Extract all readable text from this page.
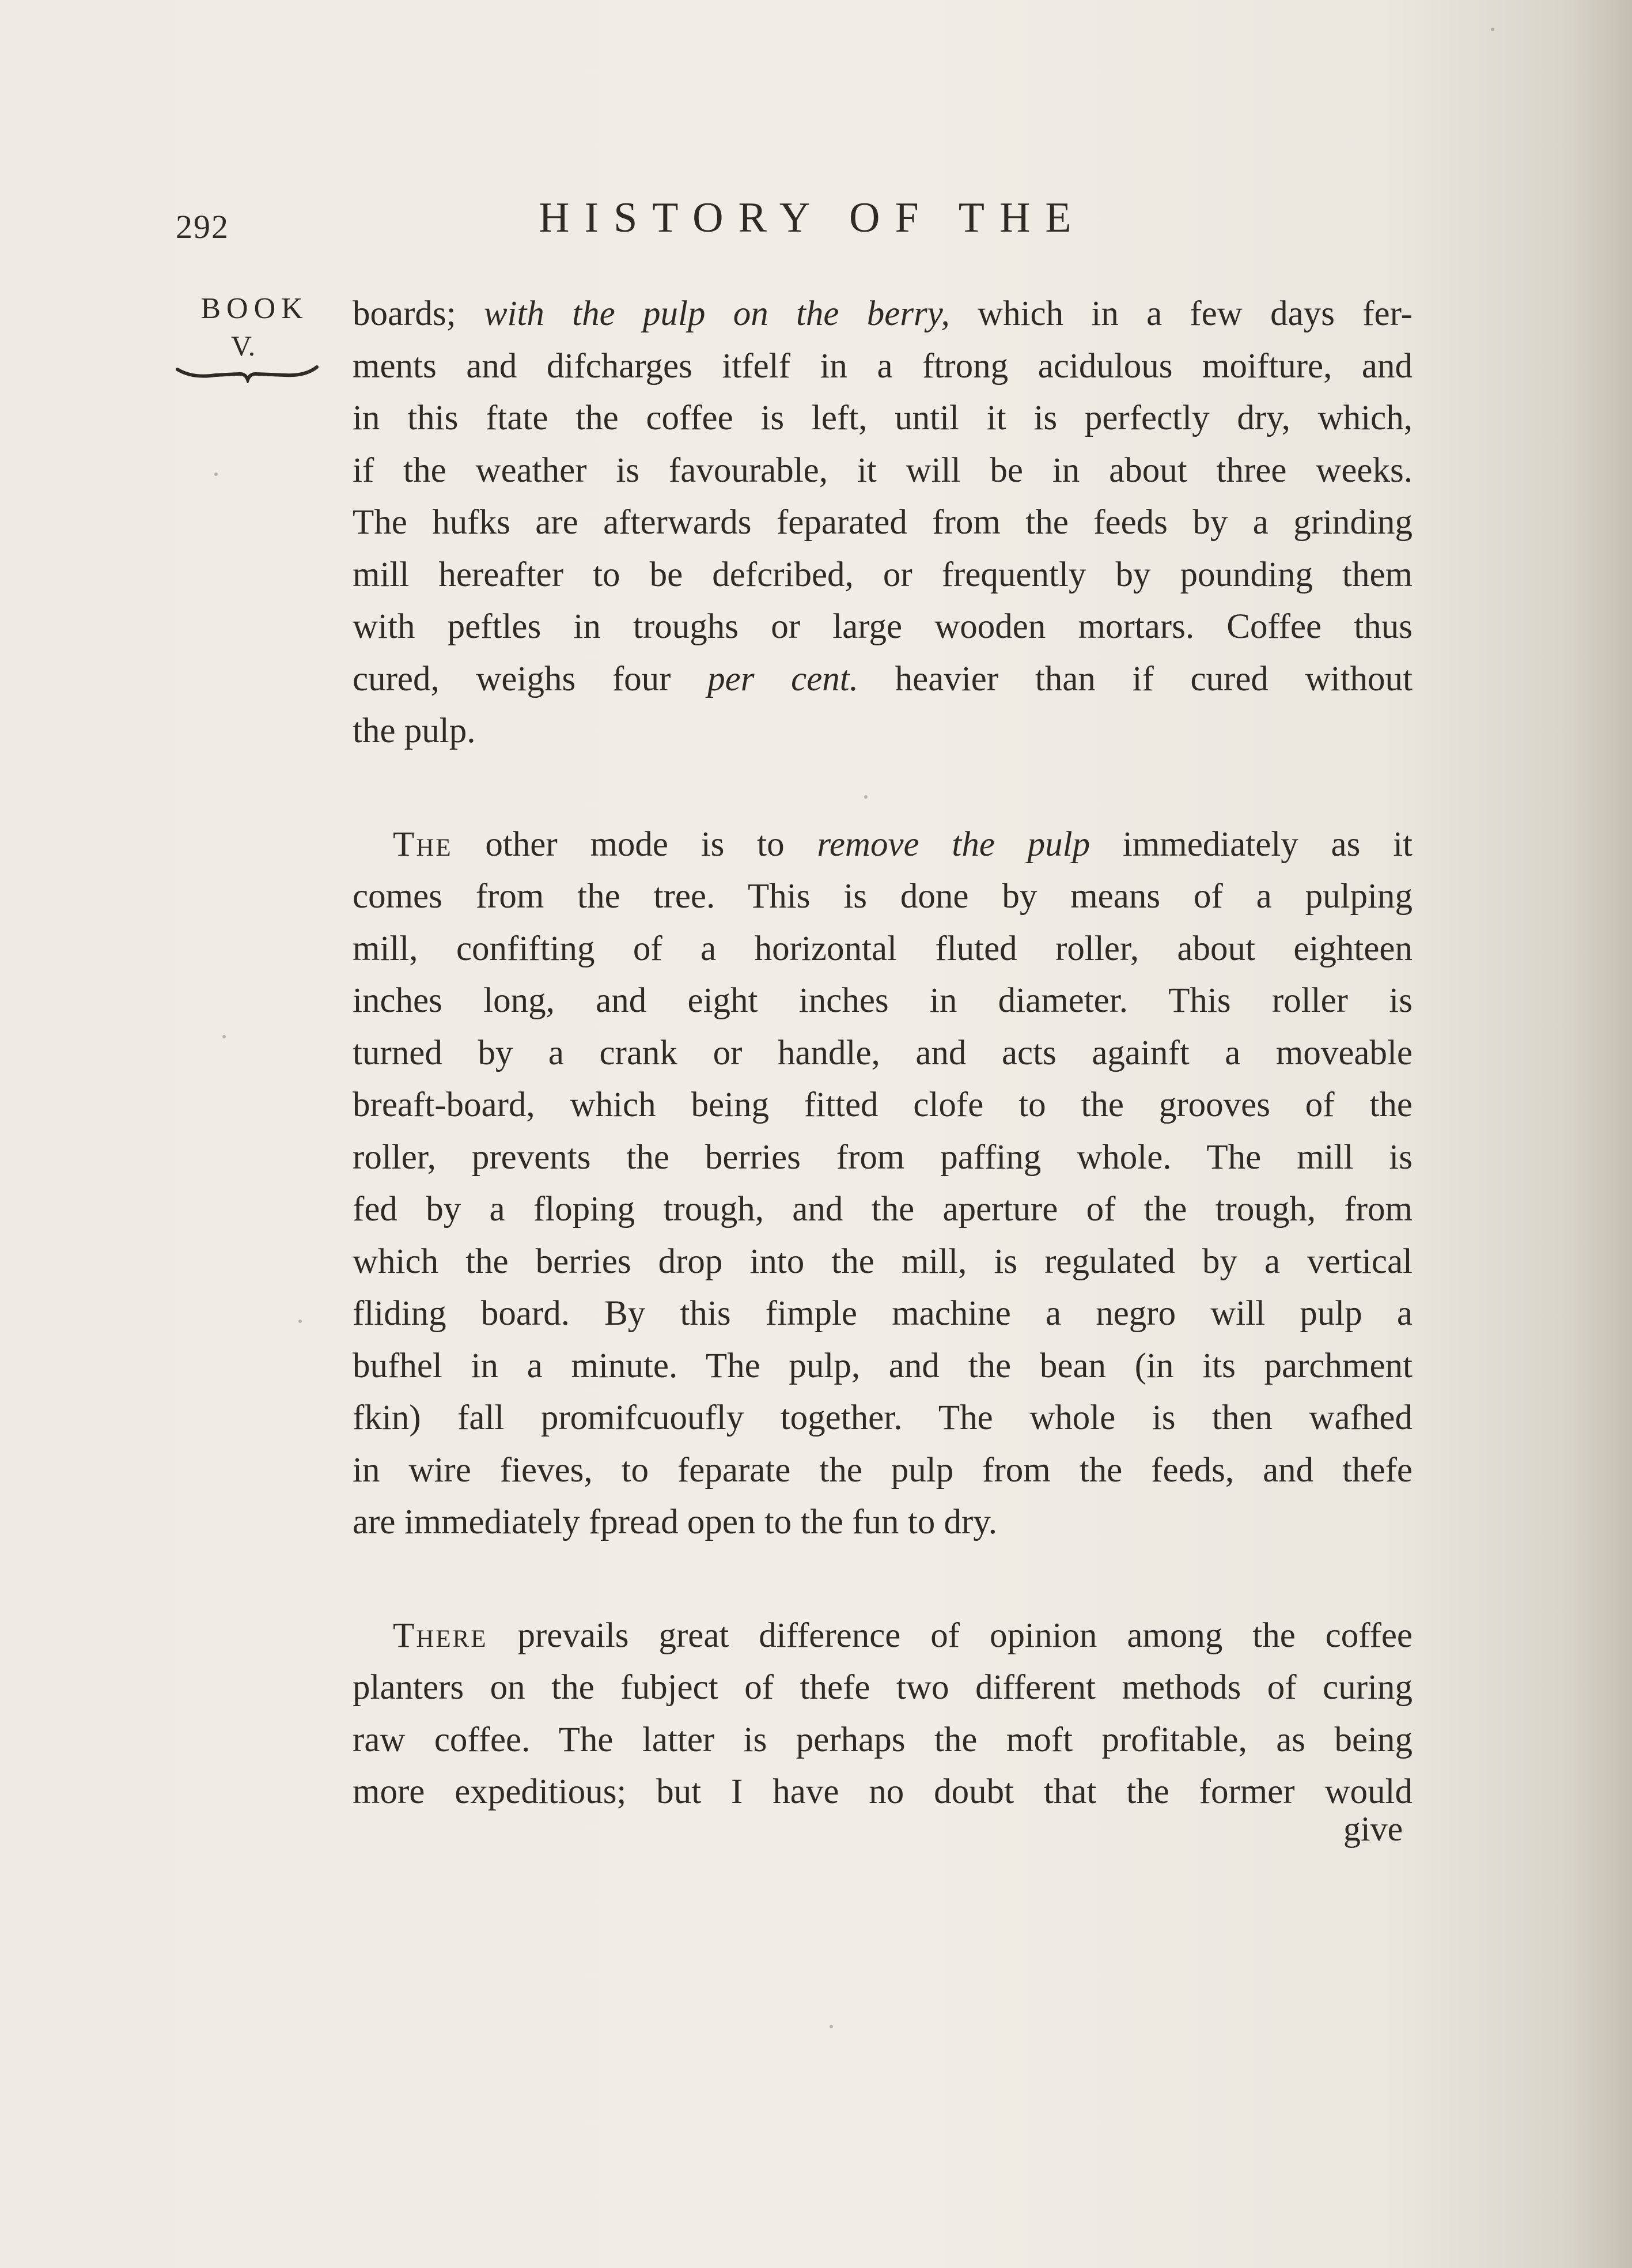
292	HISTORY OF THE
BOOK
V.

boards; with the pulp on the berry, which in a few days fer-
ments and difcharges itfelf in a ftrong acidulous moifture, and
in this ftate the coffee is left, until it is perfectly dry, which,
if the weather is favourable, it will be in about three weeks.
The hufks are afterwards feparated from the feeds by a grinding
mill hereafter to be defcribed, or frequently by pounding them
with peftles in troughs or large wooden mortars. Coffee thus
cured, weighs four per cent. heavier than if cured without
the pulp.

The other mode is to remove the pulp immediately as it
comes from the tree. This is done by means of a pulping
mill, confifting of a horizontal fluted roller, about eighteen
inches long, and eight inches in diameter. This roller is
turned by a crank or handle, and acts againft a moveable
breaft-board, which being fitted clofe to the grooves of the
roller, prevents the berries from paffing whole. The mill is
fed by a floping trough, and the aperture of the trough, from
which the berries drop into the mill, is regulated by a vertical
fliding board. By this fimple machine a negro will pulp a
bufhel in a minute. The pulp, and the bean (in its parchment
fkin) fall promifcuoufly together. The whole is then wafhed
in wire fieves, to feparate the pulp from the feeds, and thefe
are immediately fpread open to the fun to dry.

There prevails great difference of opinion among the coffee
planters on the fubject of thefe two different methods of curing
raw coffee. The latter is perhaps the moft profitable, as being
more expeditious; but I have no doubt that the former would

give
